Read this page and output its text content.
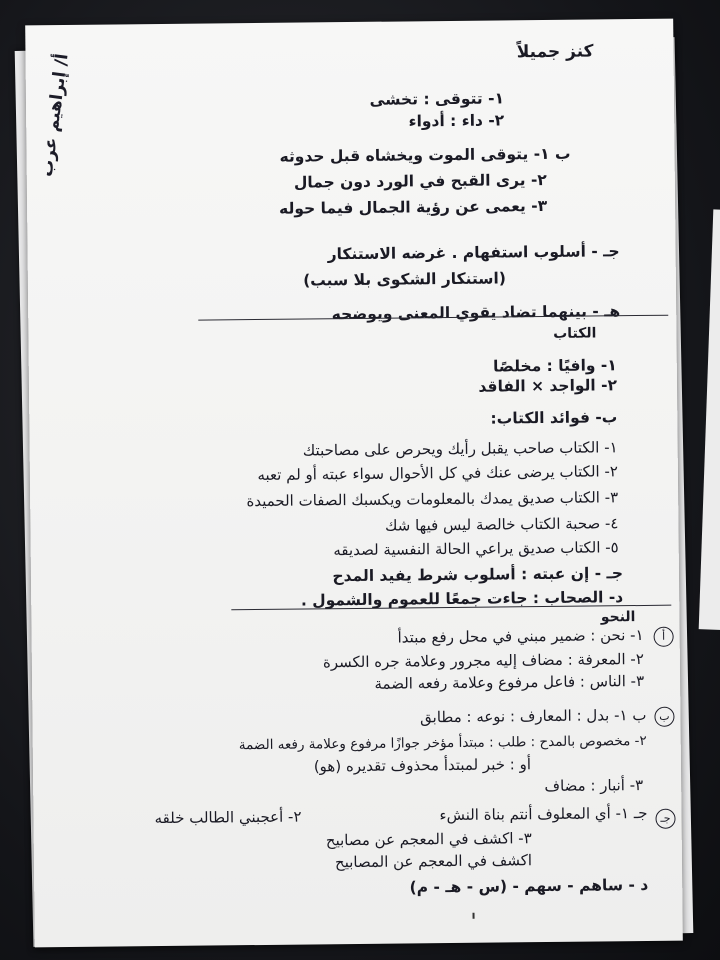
أ/ إبراهيم عرب
كنز جميلاً
١- تتوقى : تخشى
٢- داء : أدواء
ب ١- يتوقى الموت ويخشاه قبل حدوثه
٢- يرى القبح في الورد دون جمال
٣- يعمى عن رؤية الجمال فيما حوله
جـ - أسلوب استفهام . غرضه الاستنكار
(استنكار الشكوى بلا سبب)
هـ - بينهما تضاد يقوي المعنى ويوضحه
الكتاب
١- وافيًا : مخلصًا
٢- الواجد × الفاقد
ب- فوائد الكتاب:
١- الكتاب صاحب يقبل رأيك ويحرص على مصاحبتك
٢- الكتاب يرضى عنك في كل الأحوال سواء عبته أو لم تعبه
٣- الكتاب صديق يمدك بالمعلومات ويكسبك الصفات الحميدة
٤- صحبة الكتاب خالصة ليس فيها شك
٥- الكتاب صديق يراعي الحالة النفسية لصديقه
جـ - إن عبته : أسلوب شرط يفيد المدح
د- الصحاب : جاءت جمعًا للعموم والشمول .
النحو
أ
١- نحن : ضمير مبني في محل رفع مبتدأ
٢- المعرفة : مضاف إليه مجرور وعلامة جره الكسرة
٣- الناس : فاعل مرفوع وعلامة رفعه الضمة
ب
ب ١- بدل : المعارف : نوعه : مطابق
٢- مخصوص بالمدح : طلب : مبتدأ مؤخر جوازًا مرفوع وعلامة رفعه الضمة
أو : خبر لمبتدأ محذوف تقديره (هو)
٣- أنبار : مضاف
جـ
جـ ١- أي المعلوف أنتم بناة النشء
٢- أعجبني الطالب خلقه
٣- اكشف في المعجم عن مصابيح
اكشف في المعجم عن المصابيح
د - ساهم - سهم - (س - هـ - م)
